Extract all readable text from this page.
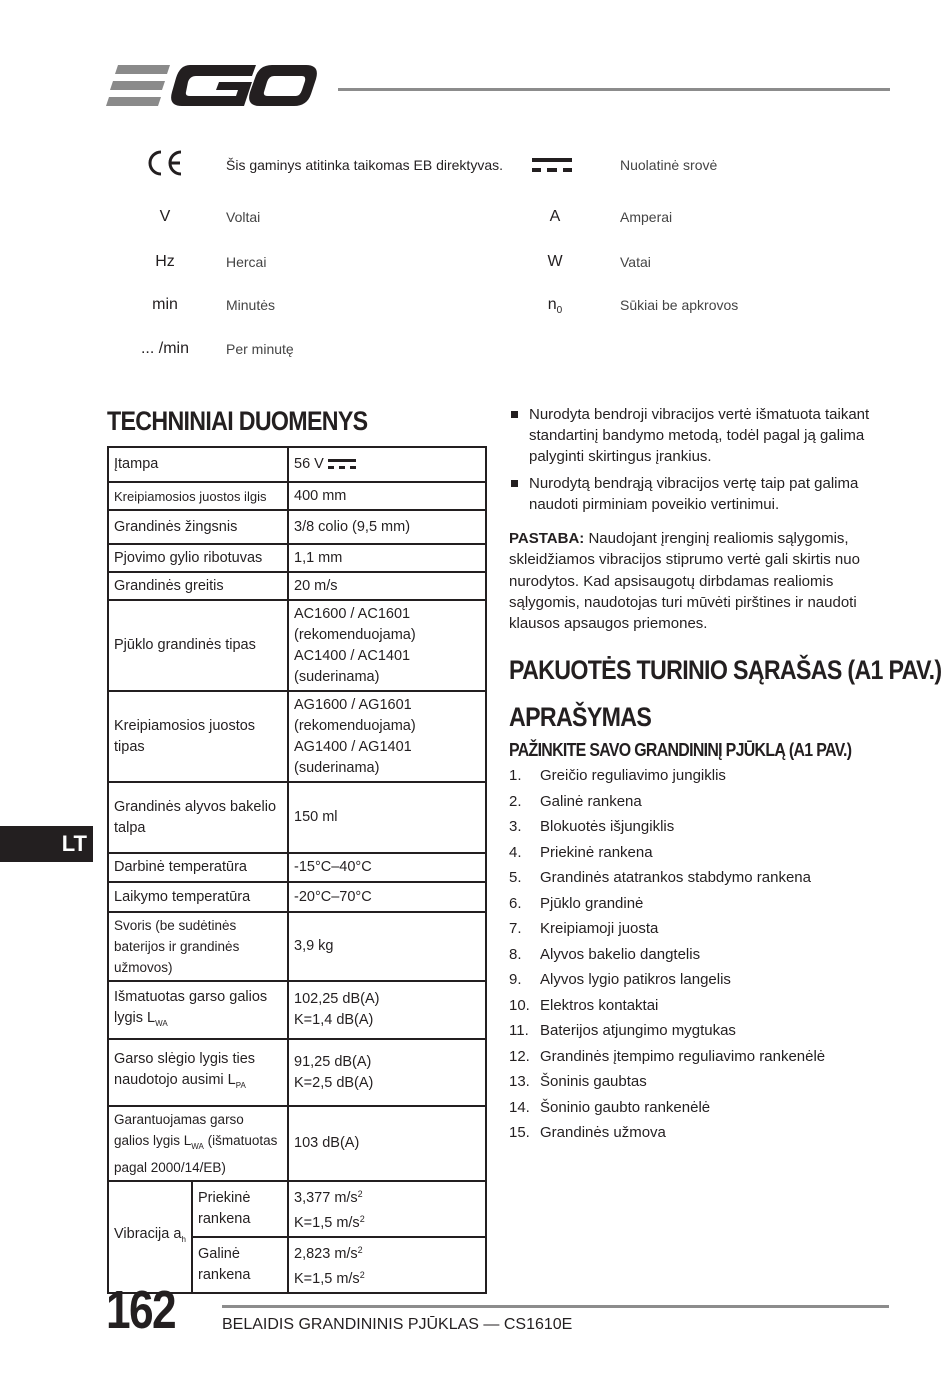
Šis gaminys atitinka taikomas EB direktyvas.
V	Voltai
Hz	Hercai
min	Minutės
... /min	Per minutę
Nuolatinė srovė
A	Amperai
W	Vatai
$n_0$	Sūkiai be apkrovos
TECHNINIAI DUOMENYS
Įtampa		56 V
Kreipiamosios juostos ilgis		400 mm
Grandinės žingsnis		3/8 colio (9,5 mm)
Pjovimo gylio ribotuvas		1,1 mm
Grandinės greitis		20 m/s
Pjūklo grandinės tipas		AC1600 / AC1601
(rekomenduojama)
AC1400 / AC1401
(suderinama)

Kreipiamosios juostos tipas		AG1600 / AG1601
(rekomenduojama)
AG1400 / AG1401
(suderinama)

Grandinės alyvos bakelio talpa		150 ml
Darbinė temperatūra		-15°C–40°C
Laikymo temperatūra		-20°C–70°C
Svoris (be sudėtinės baterijos ir grandinės užmovos)		3,9 kg
Išmatuotas garso galios lygis $L_{WA}$		102,25 dB(A)
K=1,4 dB(A)

Garso slėgio lygis ties naudotojo ausimi $L_{PA}$		91,25 dB(A)
K=2,5 dB(A)

Garantuojamas garso galios lygis $L_{WA}$ (išmatuotas pagal 2000/14/EB)		103 dB(A)
Vibracija $a_h$	Priekinė rankena	3,377 $m/s^2$
K=1,5 $m/s^2$

	Galinė rankena	2,823 $m/s^2$
K=1,5 $m/s^2$
Nurodyta bendroji vibracijos vertė išmatuota taikant standartinį bandymo metodą, todėl pagal ją galima palyginti skirtingus įrankius.
Nurodytą bendrąją vibracijos vertę taip pat galima naudoti pirminiam poveikio vertinimui.
PASTABA: Naudojant įrenginį realiomis sąlygomis, skleidžiamos vibracijos stiprumo vertė gali skirtis nuo nurodytos. Kad apsisaugotų dirbdamas realiomis sąlygomis, naudotojas turi mūvėti pirštines ir naudoti klausos apsaugos priemones.
PAKUOTĖS TURINIO SĄRAŠAS (A1 PAV.)
APRAŠYMAS
PAŽINKITE SAVO GRANDININĮ PJŪKLĄ (A1 PAV.)
1. Greičio reguliavimo jungiklis
2. Galinė rankena
3. Blokuotės išjungiklis
4. Priekinė rankena
5. Grandinės atatrankos stabdymo rankena
6. Pjūklo grandinė
7. Kreipiamoji juosta
8. Alyvos bakelio dangtelis
9. Alyvos lygio patikros langelis
10. Elektros kontaktai
11. Baterijos atjungimo mygtukas
12. Grandinės įtempimo reguliavimo rankenėlė
13. Šoninis gaubtas
14. Šoninio gaubto rankenėlė
15. Grandinės užmova
LT
162	BELAIDIS GRANDININIS PJŪKLAS — CS1610E
